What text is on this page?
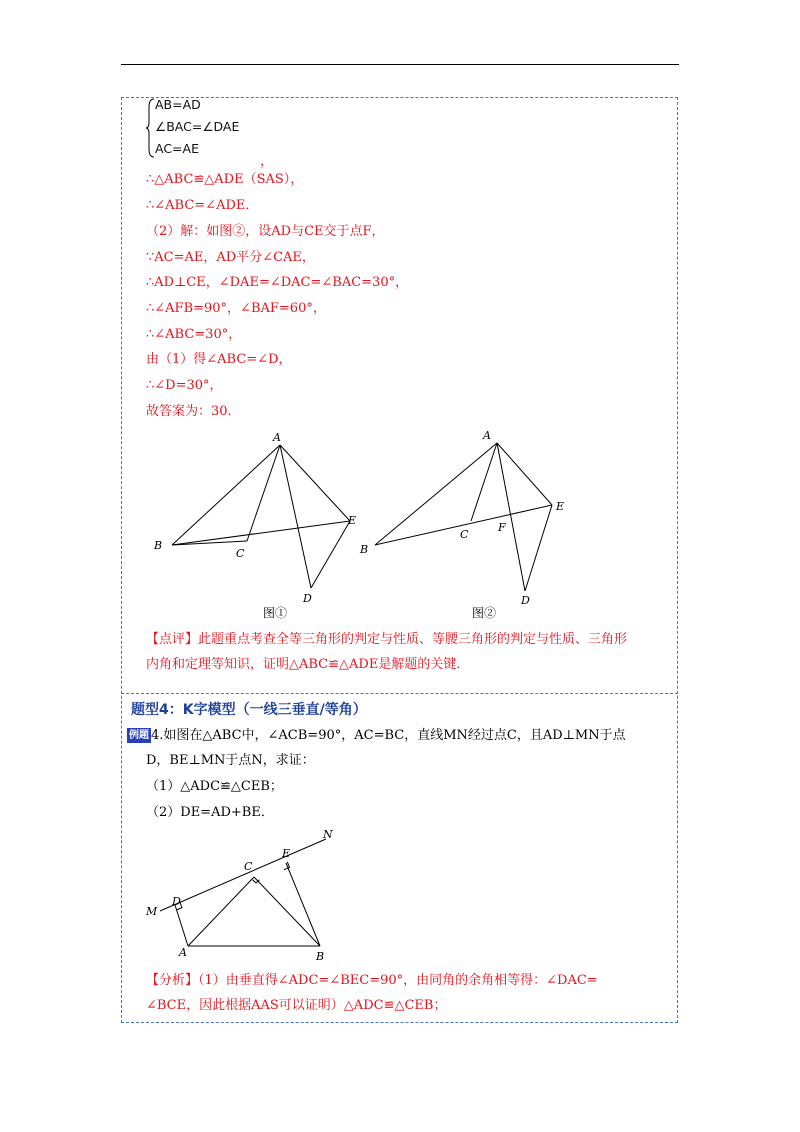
AB=AD
∠BAC=∠DAE
AC=AE
，
∴△ABC≌△ADE（SAS），
∴∠ABC=∠ADE．
（2）解：如图②，设AD与CE交于点F，
∵AC=AE，AD平分∠CAE，
∴AD⊥CE，∠DAE=∠DAC=∠BAC=30°，
∴∠AFB=90°，∠BAF=60°，
∴∠ABC=30°，
由（1）得∠ABC=∠D，
∴∠D=30°，
故答案为：30．
A
B
C
D
E
图①
A
B
C
D
E
F
图②
【点评】此题重点考查全等三角形的判定与性质、等腰三角形的判定与性质、三角形
内角和定理等知识，证明△ABC≌△ADE是解题的关键．
题型4：K字模型（一线三垂直/等角）
例题 4.如图在△ABC中，∠ACB=90°，AC=BC，直线MN经过点C，且AD⊥MN于点
D，BE⊥MN于点N，求证：
（1）△ADC≌△CEB；
（2）DE=AD+BE．
M
N
D
C
E
A	B
【分析】（1）由垂直得∠ADC=∠BEC=90°，由同角的余角相等得：∠DAC=
∠BCE，因此根据AAS可以证明）△ADC≌△CEB；
